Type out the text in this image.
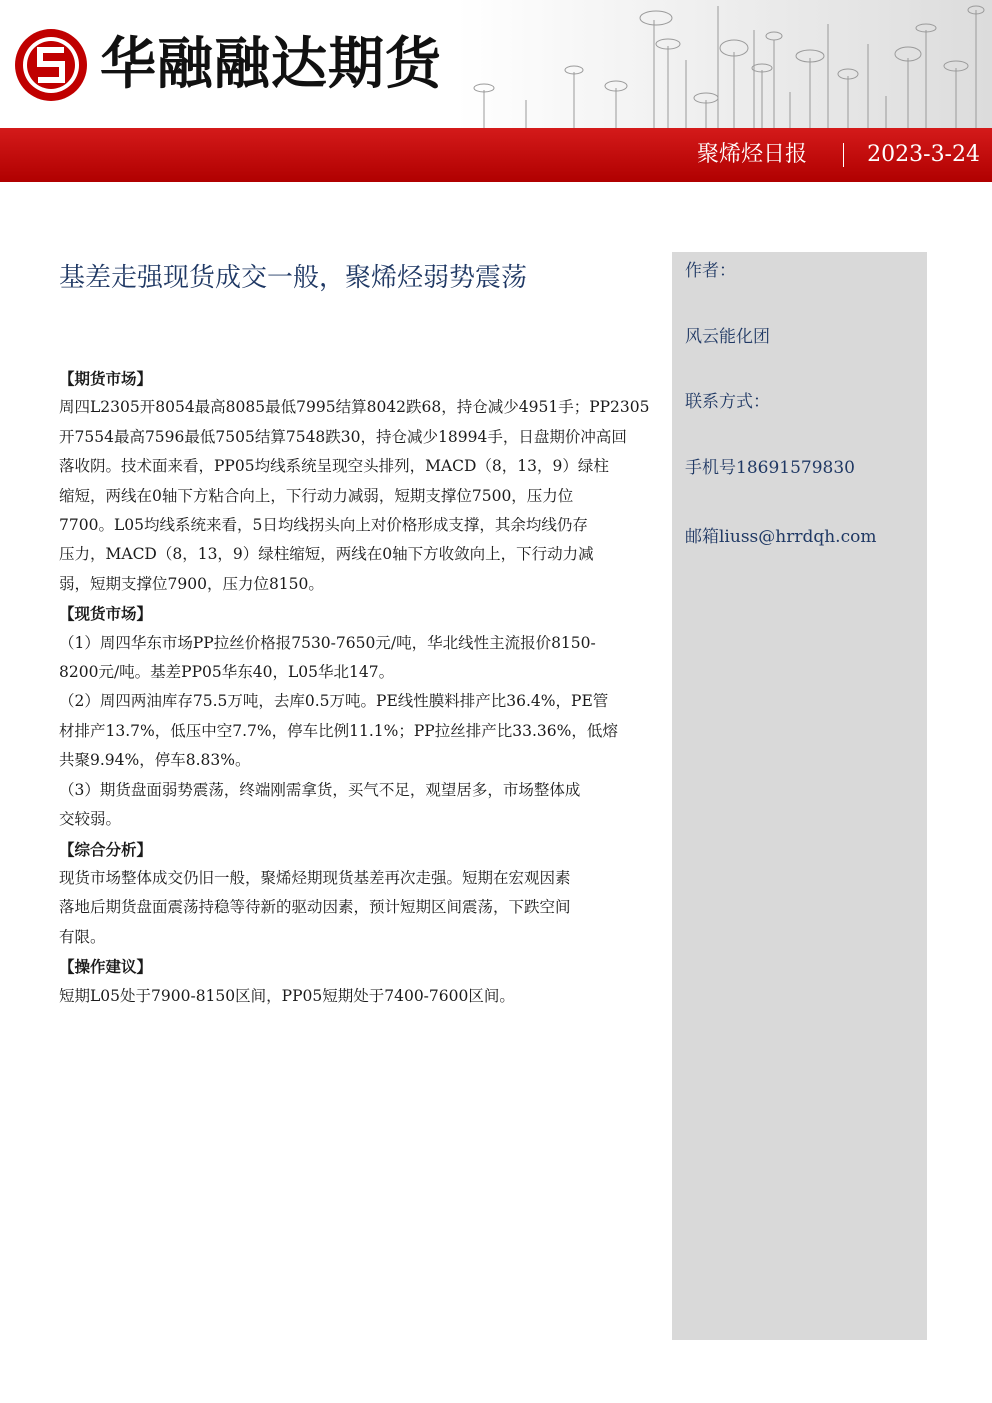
华融融达期货
聚烯烃日报	2023-3-24
基差走强现货成交一般，聚烯烃弱势震荡
【期货市场】
周四L2305开8054最高8085最低7995结算8042跌68，持仓减少4951手；PP2305
开7554最高7596最低7505结算7548跌30，持仓减少18994手，日盘期价冲高回
落收阴。技术面来看，PP05均线系统呈现空头排列，MACD（8，13，9）绿柱
缩短，两线在0轴下方粘合向上，下行动力减弱，短期支撑位7500，压力位
7700。L05均线系统来看，5日均线拐头向上对价格形成支撑，其余均线仍存
压力，MACD（8，13，9）绿柱缩短，两线在0轴下方收敛向上，下行动力减
弱，短期支撑位7900，压力位8150。
【现货市场】
（1）周四华东市场PP拉丝价格报7530-7650元/吨，华北线性主流报价8150-
8200元/吨。基差PP05华东40，L05华北147。
（2）周四两油库存75.5万吨，去库0.5万吨。PE线性膜料排产比36.4%，PE管
材排产13.7%，低压中空7.7%，停车比例11.1%；PP拉丝排产比33.36%，低熔
共聚9.94%，停车8.83%。
（3）期货盘面弱势震荡，终端刚需拿货，买气不足，观望居多，市场整体成
交较弱。
【综合分析】
现货市场整体成交仍旧一般，聚烯烃期现货基差再次走强。短期在宏观因素
落地后期货盘面震荡持稳等待新的驱动因素，预计短期区间震荡，下跌空间
有限。
【操作建议】
短期L05处于7900-8150区间，PP05短期处于7400-7600区间。
作者：
风云能化团
联系方式：
手机号18691579830
邮箱liuss@hrrdqh.com
